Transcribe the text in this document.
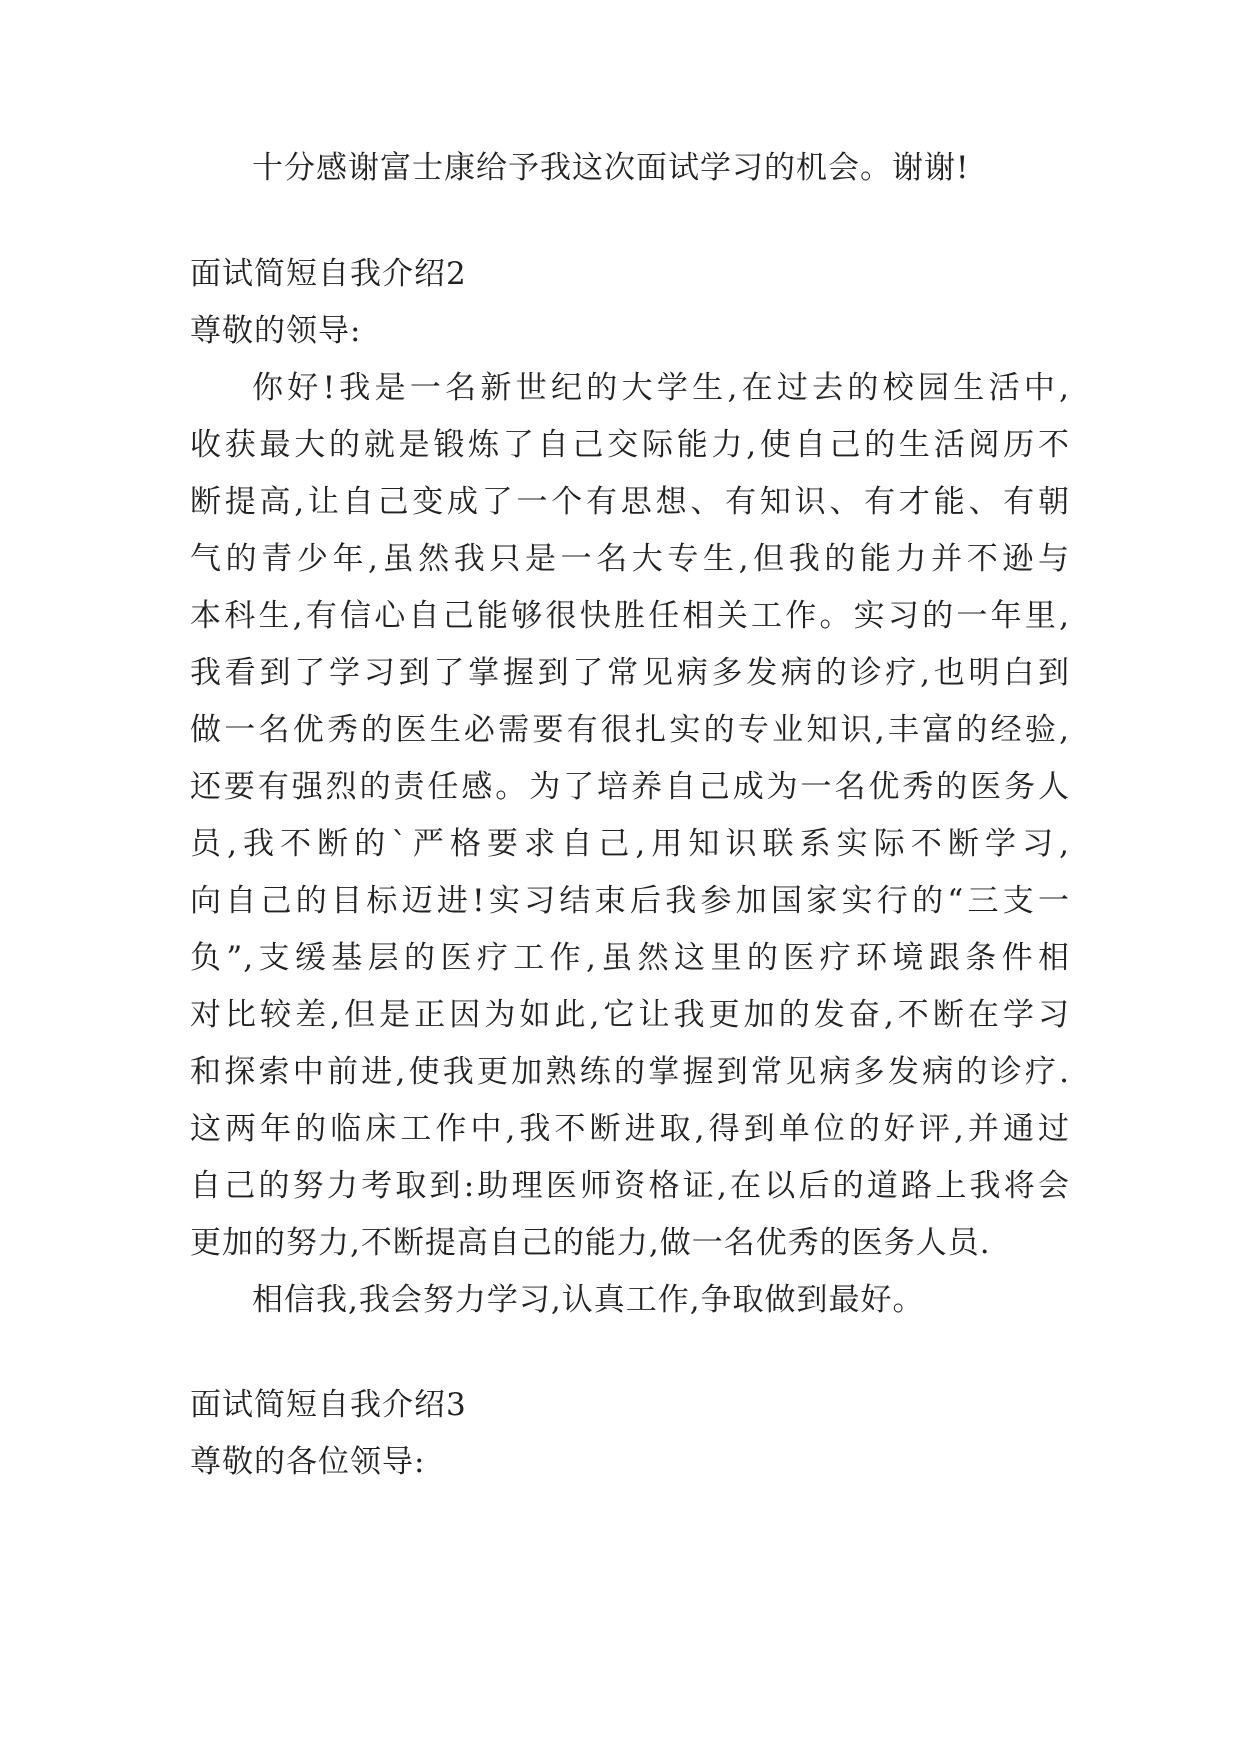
十分感谢富士康给予我这次面试学习的机会。谢谢!
面试简短自我介绍2
尊敬的领导:
你好!我是一名新世纪的大学生,在过去的校园生活中,
收获最大的就是锻炼了自己交际能力,使自己的生活阅历不
断提高,让自己变成了一个有思想、有知识、有才能、有朝
气的青少年,虽然我只是一名大专生,但我的能力并不逊与
本科生,有信心自己能够很快胜任相关工作。实习的一年里,
我看到了学习到了掌握到了常见病多发病的诊疗,也明白到
做一名优秀的医生必需要有很扎实的专业知识,丰富的经验,
还要有强烈的责任感。为了培养自己成为一名优秀的医务人
员,我不断的`严格要求自己,用知识联系实际不断学习,
向自己的目标迈进!实习结束后我参加国家实行的“三支一
负”,支缓基层的医疗工作,虽然这里的医疗环境跟条件相
对比较差,但是正因为如此,它让我更加的发奋,不断在学习
和探索中前进,使我更加熟练的掌握到常见病多发病的诊疗.
这两年的临床工作中,我不断进取,得到单位的好评,并通过
自己的努力考取到:助理医师资格证,在以后的道路上我将会
更加的努力,不断提高自己的能力,做一名优秀的医务人员.
相信我,我会努力学习,认真工作,争取做到最好。
面试简短自我介绍3
尊敬的各位领导:
